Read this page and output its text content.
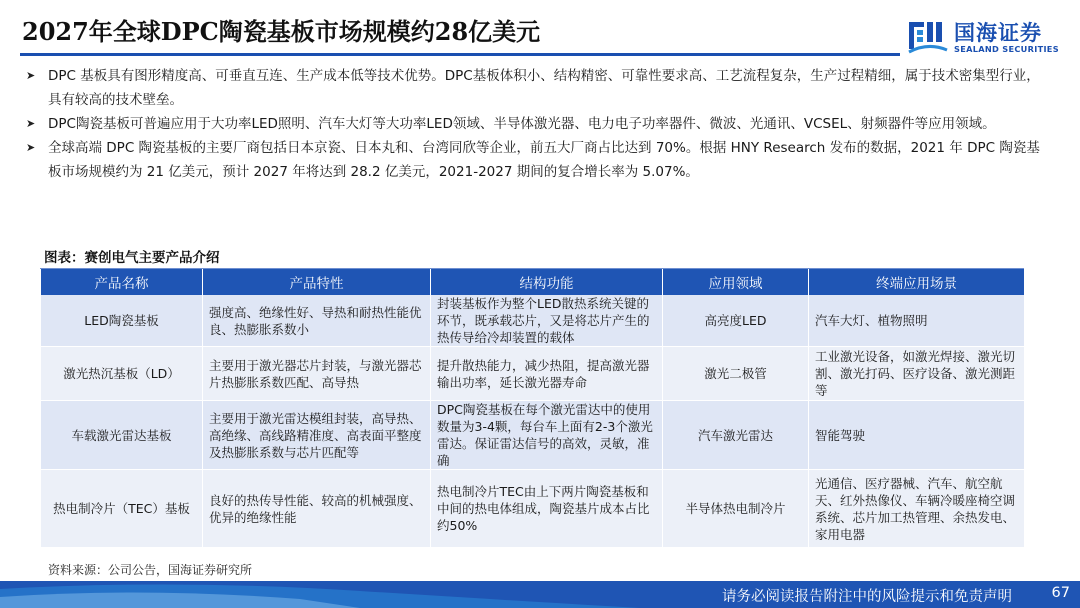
2027年全球DPC陶瓷基板市场规模约28亿美元	国海证券
SEALAND SECURITIES
➤ DPC 基板具有图形精度高、可垂直互连、生产成本低等技术优势。DPC基板体积小、结构精密、可靠性要求高、工艺流程复杂，生产过程精细，属于技术密集型行业，具有较高的技术壁垒。
➤ DPC陶瓷基板可普遍应用于大功率LED照明、汽车大灯等大功率LED领域、半导体激光器、电力电子功率器件、微波、光通讯、VCSEL、射频器件等应用领域。
➤ 全球高端 DPC 陶瓷基板的主要厂商包括日本京瓷、日本丸和、台湾同欣等企业，前五大厂商占比达到 70%。根据 HNY Research 发布的数据，2021 年 DPC 陶瓷基板市场规模约为 21 亿美元，预计 2027 年将达到 28.2 亿美元，2021-2027 期间的复合增长率为 5.07%。
图表：赛创电气主要产品介绍
产品名称	产品特性	结构功能	应用领域	终端应用场景
LED陶瓷基板	强度高、绝缘性好、导热和耐热性能优良、热膨胀系数小	封装基板作为整个LED散热系统关键的环节，既承载芯片，又是将芯片产生的热传导给冷却装置的载体	高亮度LED	汽车大灯、植物照明
激光热沉基板（LD）	主要用于激光器芯片封装，与激光器芯片热膨胀系数匹配、高导热	提升散热能力，减少热阻，提高激光器输出功率，延长激光器寿命	激光二极管	工业激光设备，如激光焊接、激光切割、激光打码、医疗设备、激光测距等
车载激光雷达基板	主要用于激光雷达模组封装，高导热、高绝缘、高线路精准度、高表面平整度及热膨胀系数与芯片匹配等	DPC陶瓷基板在每个激光雷达中的使用数量为3-4颗，每台车上面有2-3个激光雷达。保证雷达信号的高效，灵敏，准确	汽车激光雷达	智能驾驶
热电制冷片（TEC）基板	良好的热传导性能、较高的机械强度、优异的绝缘性能	热电制冷片TEC由上下两片陶瓷基板和中间的热电体组成，陶瓷基片成本占比约50%	半导体热电制冷片	光通信、医疗器械、汽车、航空航天、红外热像仪、车辆冷暖座椅空调系统、芯片加工热管理、余热发电、家用电器
资料来源：公司公告，国海证券研究所
请务必阅读报告附注中的风险提示和免责声明	67
